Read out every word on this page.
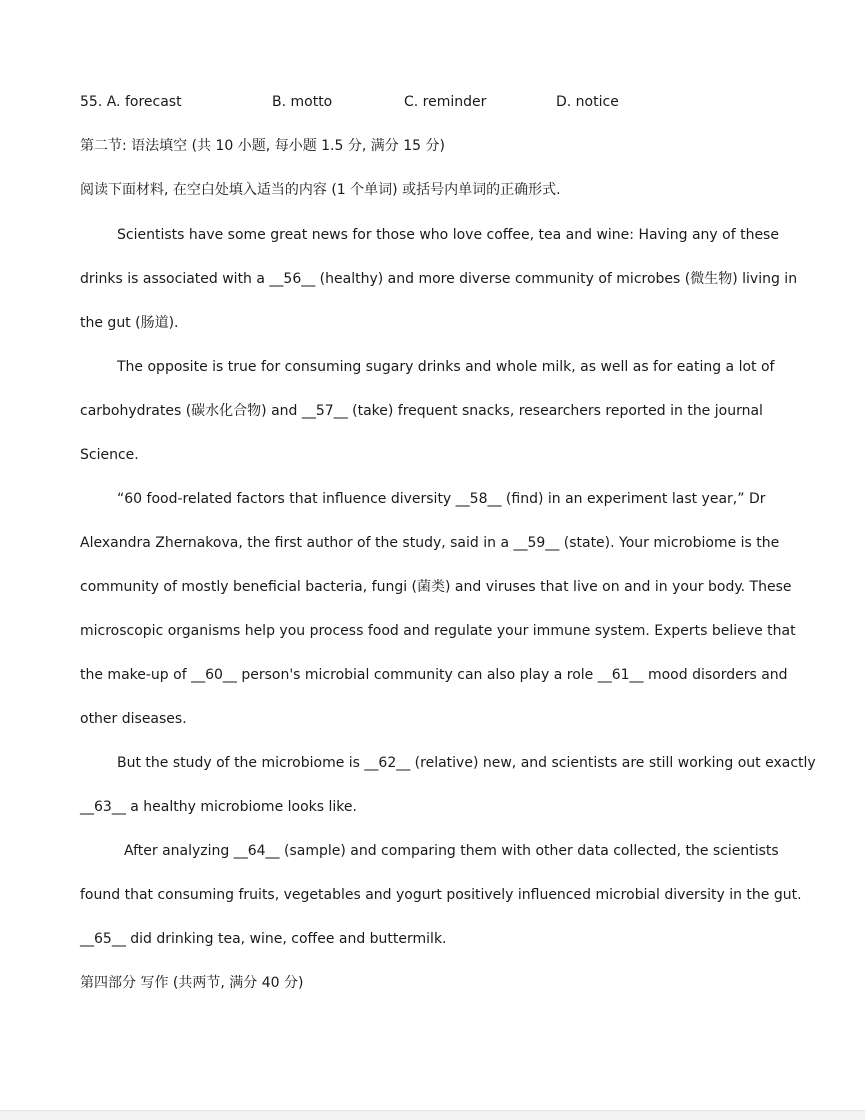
55. A. forecast	B. motto	C. reminder	D. notice
第二节: 语法填空 (共 10 小题, 每小题 1.5 分, 满分 15 分)
阅读下面材料, 在空白处填入适当的内容 (1 个单词) 或括号内单词的正确形式.
Scientists have some great news for those who love coffee, tea and wine: Having any of these
drinks is associated with a __56__ (healthy) and more diverse community of microbes (微生物) living in
the gut (肠道).
The opposite is true for consuming sugary drinks and whole milk, as well as for eating a lot of
carbohydrates (碳水化合物) and __57__ (take) frequent snacks, researchers reported in the journal
Science.
“60 food-related factors that influence diversity __58__ (find) in an experiment last year,” Dr
Alexandra Zhernakova, the first author of the study, said in a __59__ (state). Your microbiome is the
community of mostly beneficial bacteria, fungi (菌类) and viruses that live on and in your body. These
microscopic organisms help you process food and regulate your immune system. Experts believe that
the make-up of __60__ person's microbial community can also play a role __61__ mood disorders and
other diseases.
But the study of the microbiome is __62__ (relative) new, and scientists are still working out exactly
__63__ a healthy microbiome looks like.
After analyzing __64__ (sample) and comparing them with other data collected, the scientists
found that consuming fruits, vegetables and yogurt positively influenced microbial diversity in the gut.
__65__ did drinking tea, wine, coffee and buttermilk.
第四部分 写作 (共两节, 满分 40 分)
